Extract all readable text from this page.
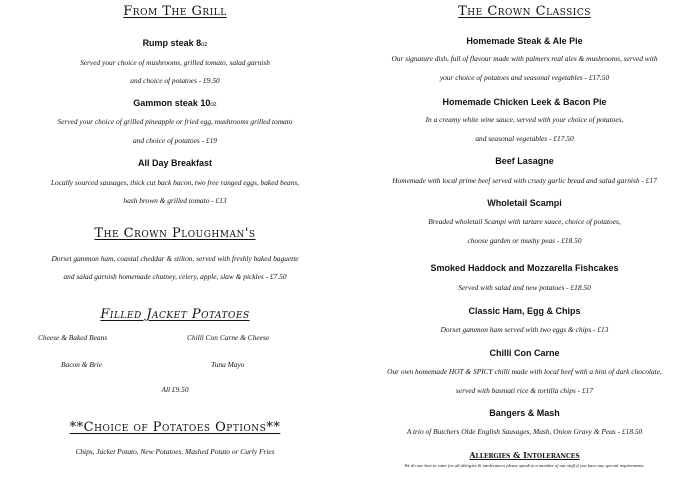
From The Grill
Rump steak 8oz
Served your choice of mushrooms, grilled tomato, salad garnish
and choice of potatoes - £9.50
Gammon steak 10oz
Served your choice of grilled pineapple or fried egg, mushrooms grilled tomato
and choice of potatoes - £19
All Day Breakfast
Locally sourced sausages, thick cut back bacon, two free ranged eggs, baked beans,
hash brown & grilled tomato - £13
The Crown Ploughman's
Dorset gammon ham, coastal cheddar & stilton, served with freshly baked baguette
and salad garnish homemade chutney, celery, apple, slaw & pickles - £7.50
Filled Jacket Potatoes
Cheese & Baked Beans	Chilli Con Carne & Cheese
Bacon & Brie	Tuna Mayo
All £9.50
**Choice of Potatoes Options**
Chips, Jacket Potato, New Potatoes, Mashed Potato or Curly Fries
The Crown Classics
Homemade Steak & Ale Pie
Our signature dish, full of flavour made with palmers real ales & mushrooms, served with
your choice of potatoes and seasonal vegetables - £17.50
Homemade Chicken Leek & Bacon Pie
In a creamy white wine sauce, served with your choice of potatoes,
and seasonal vegetables - £17.50
Beef Lasagne
Homemade with local prime beef served with crusty garlic bread and salad garnish - £17
Wholetail Scampi
Breaded wholetail Scampi with tartare sauce, choice of potatoes,
choose garden or mushy peas - £18.50
Smoked Haddock and Mozzarella Fishcakes
Served with salad and new potatoes - £18.50
Classic Ham, Egg & Chips
Dorset gammon ham served with two eggs & chips - £13
Chilli Con Carne
Our own homemade HOT & SPICY chilli made with local beef with a hint of dark chocolate,
served with basmati rice & tortilla chips - £17
Bangers & Mash
A trio of Butchers Olde English Sausages, Mash, Onion Gravy & Peas - £18.50
Allergies & Intolerances
We do our best to cater for all allergies & intolerances please speak to a member of our staff if you have any special requirements.
